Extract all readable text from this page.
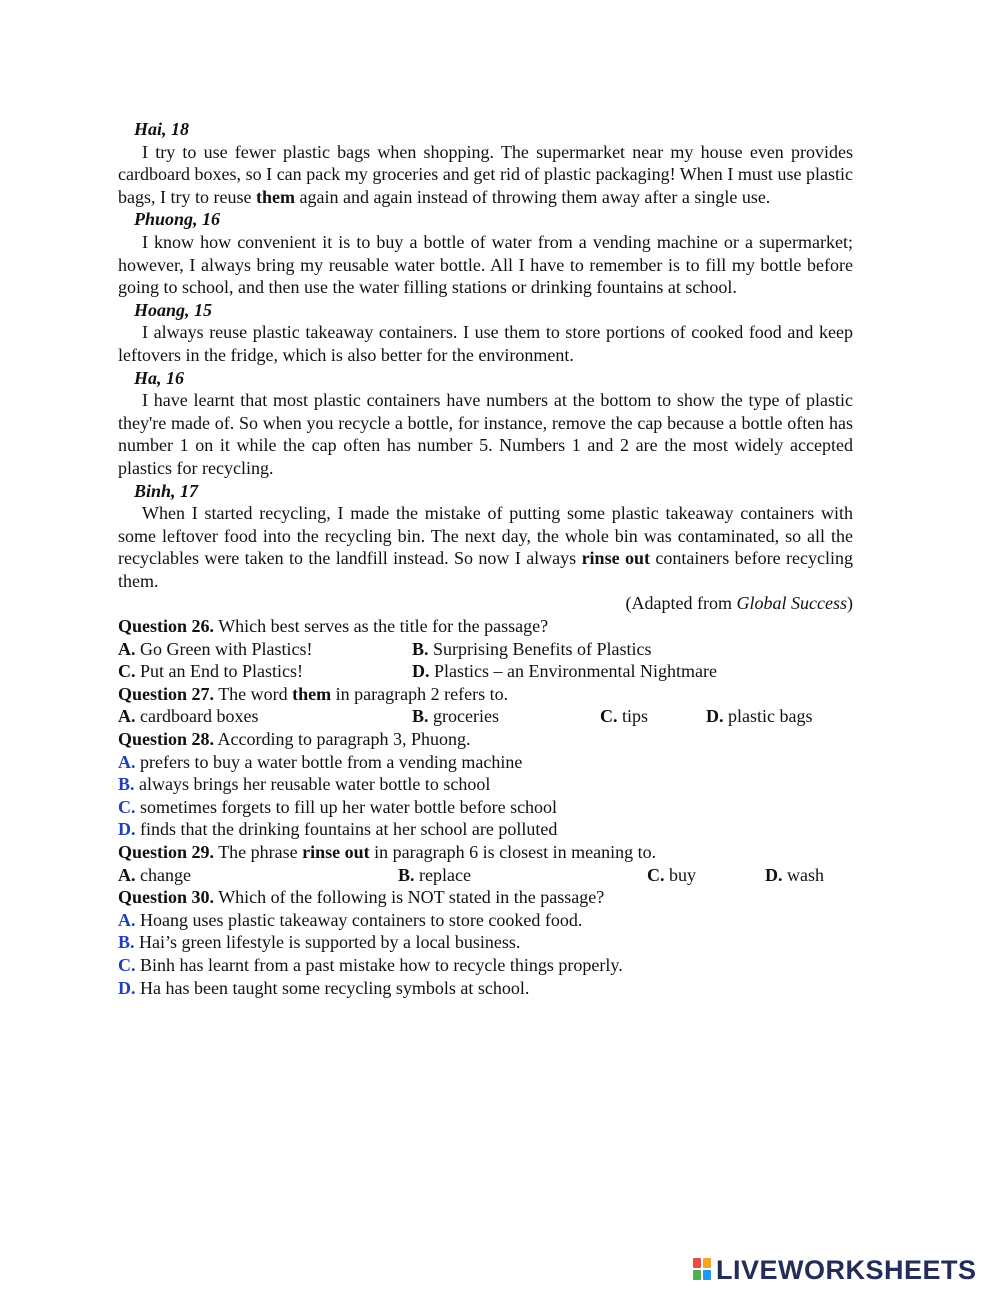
Hai, 18
I try to use fewer plastic bags when shopping. The supermarket near my house even provides cardboard boxes, so I can pack my groceries and get rid of plastic packaging! When I must use plastic bags, I try to reuse them again and again instead of throwing them away after a single use.
Phuong, 16
I know how convenient it is to buy a bottle of water from a vending machine or a supermarket; however, I always bring my reusable water bottle. All I have to remember is to fill my bottle before going to school, and then use the water filling stations or drinking fountains at school.
Hoang, 15
I always reuse plastic takeaway containers. I use them to store portions of cooked food and keep leftovers in the fridge, which is also better for the environment.
Ha, 16
I have learnt that most plastic containers have numbers at the bottom to show the type of plastic they're made of. So when you recycle a bottle, for instance, remove the cap because a bottle often has number 1 on it while the cap often has number 5. Numbers 1 and 2 are the most widely accepted plastics for recycling.
Binh, 17
When I started recycling, I made the mistake of putting some plastic takeaway containers with some leftover food into the recycling bin. The next day, the whole bin was contaminated, so all the recyclables were taken to the landfill instead. So now I always rinse out containers before recycling them.
(Adapted from Global Success)
Question 26. Which best serves as the title for the passage?
A. Go Green with Plastics!	B. Surprising Benefits of Plastics
C. Put an End to Plastics!	D. Plastics – an Environmental Nightmare
Question 27. The word them in paragraph 2 refers to.
A. cardboard boxes	B. groceries	C. tips	D. plastic bags
Question 28. According to paragraph 3, Phuong.
A. prefers to buy a water bottle from a vending machine
B. always brings her reusable water bottle to school
C. sometimes forgets to fill up her water bottle before school
D. finds that the drinking fountains at her school are polluted
Question 29. The phrase rinse out in paragraph 6 is closest in meaning to.
A. change	B. replace	C. buy	D. wash
Question 30. Which of the following is NOT stated in the passage?
A. Hoang uses plastic takeaway containers to store cooked food.
B. Hai’s green lifestyle is supported by a local business.
C. Binh has learnt from a past mistake how to recycle things properly.
D. Ha has been taught some recycling symbols at school.
LIVEWORKSHEETS
